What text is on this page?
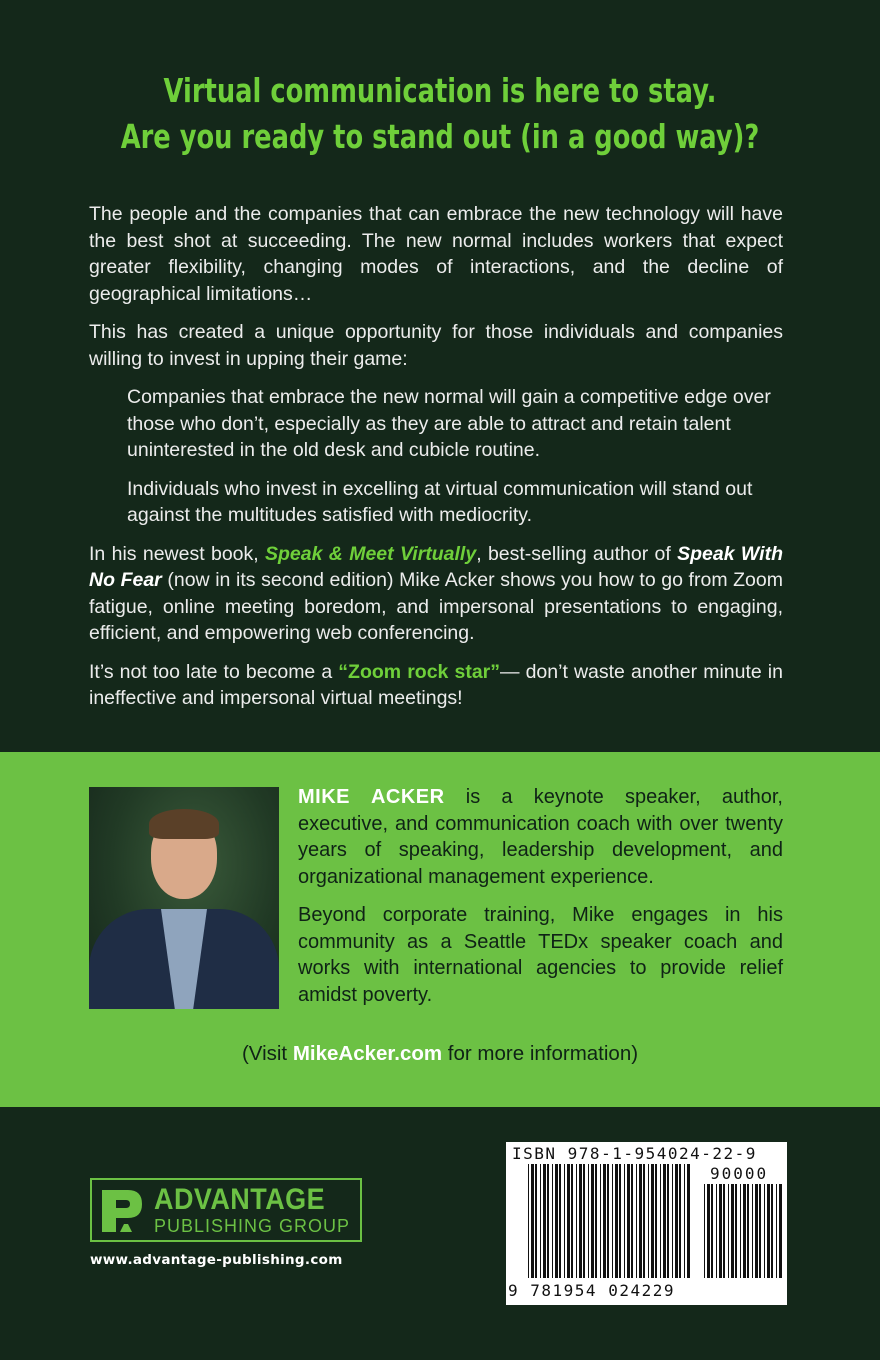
Virtual communication is here to stay.
Are you ready to stand out (in a good way)?

The people and the companies that can embrace the new technology will have the best shot at succeeding. The new normal includes workers that expect greater flexibility, changing modes of interactions, and the decline of geographical limitations…

This has created a unique opportunity for those individuals and companies willing to invest in upping their game:

Companies that embrace the new normal will gain a competitive edge over those who don’t, especially as they are able to attract and retain talent uninterested in the old desk and cubicle routine.

Individuals who invest in excelling at virtual communication will stand out against the multitudes satisfied with mediocrity.

In his newest book, Speak & Meet Virtually, best-selling author of Speak With No Fear (now in its second edition) Mike Acker shows you how to go from Zoom fatigue, online meeting boredom, and impersonal presentations to engaging, efficient, and empowering web conferencing.

It’s not too late to become a “Zoom rock star”— don’t waste another minute in ineffective and impersonal virtual meetings!

MIKE ACKER is a keynote speaker, author, executive, and communication coach with over twenty years of speaking, leadership development, and organizational management experience.

Beyond corporate training, Mike engages in his community as a Seattle TEDx speaker coach and works with international agencies to provide relief amidst poverty.

(Visit MikeAcker.com for more information)
ADVANTAGE
PUBLISHING GROUP
www.advantage-publishing.com
ISBN 978-1-954024-22-9
90000
9 781954 024229
